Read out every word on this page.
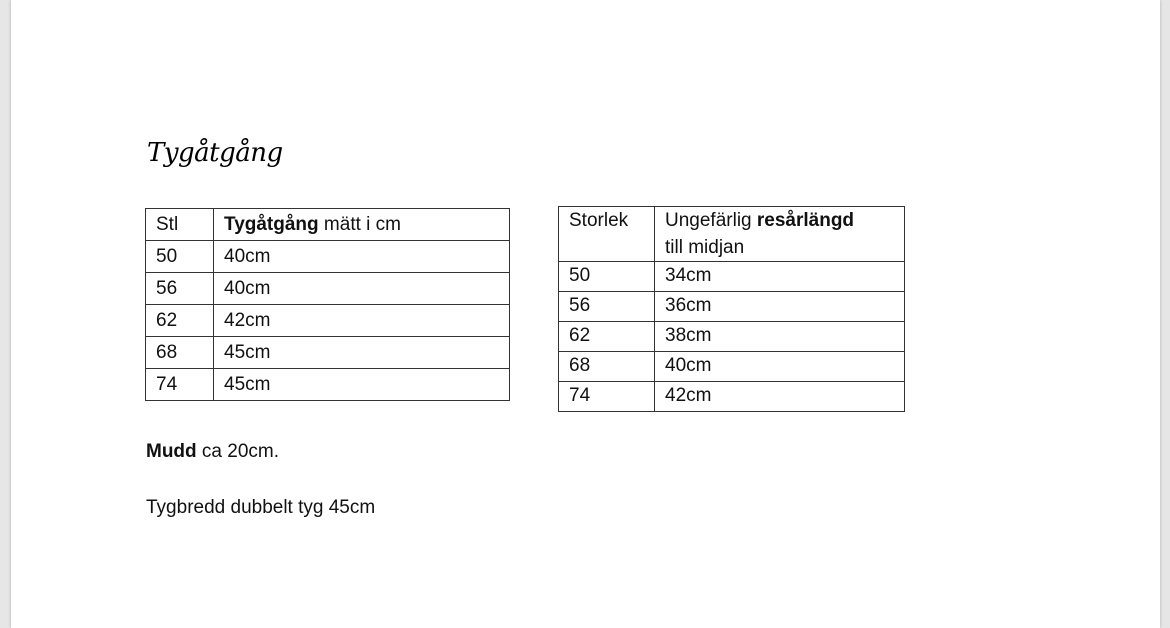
Tygåtgång
Stl	Tygåtgång mätt i cm
50	40cm
56	40cm
62	42cm
68	45cm
74	45cm
Storlek	Ungefärlig resårlängd
till midjan
50	34cm
56	36cm
62	38cm
68	40cm
74	42cm
Mudd ca 20cm.
Tygbredd dubbelt tyg 45cm
